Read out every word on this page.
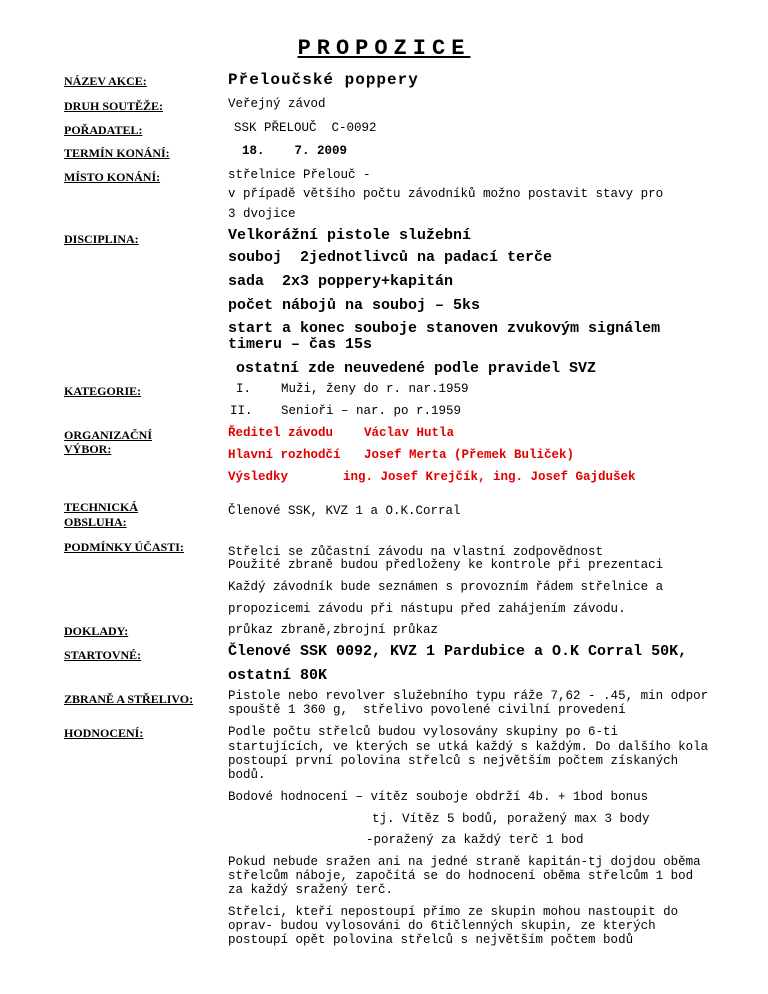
PROPOZICE
NÁZEV AKCE:	Přeloučské poppery
DRUH SOUTĚŽE:	Veřejný závod
POŘADATEL:	SSK PŘELOUČ  C-0092
TERMÍN KONÁNÍ:	18.    7. 2009
MÍSTO KONÁNÍ:	střelnice Přelouč -
v případě většího počtu závodníků možno postavit stavy pro
3 dvojice
DISCIPLINA:	Velkorážní pistole služební
souboj  2jednotlivců na padací terče
sada  2x3 poppery+kapitán
počet nábojů na souboj – 5ks
start a konec souboje stanoven zvukovým signálem
timeru – čas 15s
ostatní zde neuvedené podle pravidel SVZ
KATEGORIE:	I. Muži, ženy do r. nar.1959
II. Senioři – nar. po r.1959
ORGANIZAČNÍ
VÝBOR:
Ředitel závodu Václav Hutla
Hlavní rozhodčí Josef Merta (Přemek Buliček)
Výsledky	ing. Josef Krejčík, ing. Josef Gajdušek
TECHNICKÁ
OBSLUHA:
Členové SSK, KVZ 1 a O.K.Corral
PODMÍNKY ÚČASTI:	Střelci se zůčastní závodu na vlastní zodpovědnost
Použité zbraně budou předloženy ke kontrole při prezentaci
Každý závodník bude seznámen s provozním řádem střelnice a
propozicemi závodu při nástupu před zahájením závodu.
DOKLADY:	průkaz zbraně,zbrojní průkaz
STARTOVNÉ:	Členové SSK 0092, KVZ 1 Pardubice a O.K Corral 50K,
ostatní 80K
ZBRANĚ A STŘELIVO:	Pistole nebo revolver služebního typu ráže 7,62 - .45, min odpor
spouště 1 360 g,  střelivo povolené civilní provedení
HODNOCENÍ:	Podle počtu střelců budou vylosovány skupiny po 6-ti
startujících, ve kterých se utká každý s každým. Do dalšího kola
postoupí první polovina střelců s největším počtem získaných
bodů.
Bodové hodnocení – vítěz souboje obdrží 4b. + 1bod bonus
tj. Vítěz 5 bodů, poražený max 3 body
-poražený za každý terč 1 bod
Pokud nebude sražen ani na jedné straně kapitán-tj dojdou oběma
střelcům náboje, započítá se do hodnocení oběma střelcům 1 bod
za každý sražený terč.
Střelci, kteří nepostoupí přímo ze skupin mohou nastoupit do
oprav- budou vylosováni do 6tičlenných skupin, ze kterých
postoupí opět polovina střelců s největším počtem bodů
